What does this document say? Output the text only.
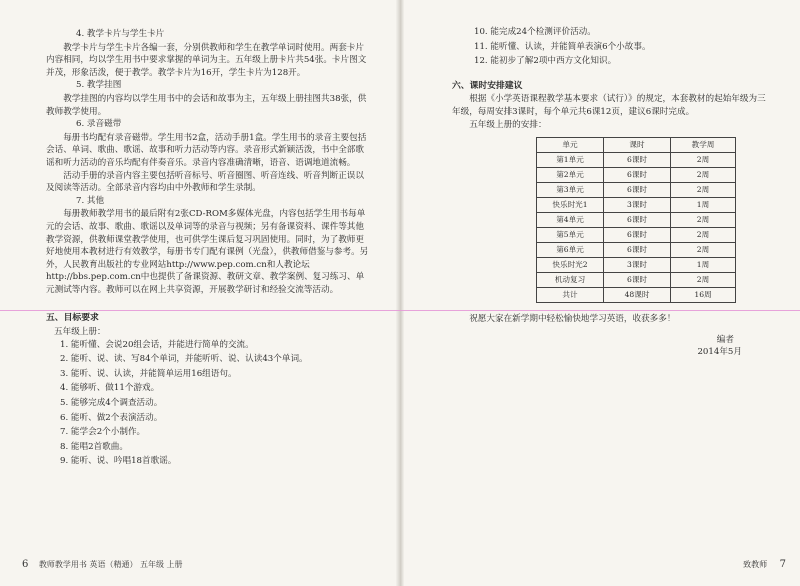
4. 教学卡片与学生卡片

教学卡片与学生卡片各编一套，分别供教师和学生在教学单词时使用。两套卡片内容相同，均以学生用书中要求掌握的单词为主。五年级上册卡片共54张。卡片图文并茂，形象活泼，便于教学。教学卡片为16开，学生卡片为128开。

5. 教学挂图

教学挂图的内容均以学生用书中的会话和故事为主，五年级上册挂图共38张，供教师教学使用。

6. 录音磁带

每册书均配有录音磁带。学生用书2盒，活动手册1盒。学生用书的录音主要包括会话、单词、歌曲、歌谣、故事和听力活动等内容。录音形式新颖活泼，书中全部歌谣和听力活动的音乐均配有伴奏音乐。录音内容准确清晰，语音、语调地道流畅。

活动手册的录音内容主要包括听音标号、听音圈图、听音连线、听音判断正误以及阅读等活动。全部录音内容均由中外教师和学生录制。

7. 其他

每册教师教学用书的最后附有2张CD-ROM多媒体光盘，内容包括学生用书每单元的会话、故事、歌曲、歌谣以及单词等的录音与视频；另有备课资料、课件等其他教学资源，供教师课堂教学使用，也可供学生课后复习巩固使用。同时，为了教师更好地使用本教材进行有效教学，每册书专门配有课例（光盘），供教师借鉴与参考。另外，人民教育出版社的专业网站http://www.pep.com.cn和人教论坛http://bbs.pep.com.cn中也提供了备课资源、教研文章、教学案例、复习练习、单元测试等内容。教师可以在网上共享资源，开展教学研讨和经验交流等活动。

五、目标要求
五年级上册：
1. 能听懂、会说20组会话，并能进行简单的交流。
2. 能听、说、读、写84个单词，并能听听、说、认读43个单词。
3. 能听、说、认读，并能简单运用16组语句。
4. 能够听、做11个游戏。
5. 能够完成4个调查活动。
6. 能听、做2个表演活动。
7. 能学会2个小制作。
8. 能唱2首歌曲。
9. 能听、说、吟唱18首歌谣。
6 教师教学用书 英语（精通） 五年级 上册
10. 能完成24个检测评价活动。
11. 能听懂、认读，并能简单表演6个小故事。
12. 能初步了解2项中西方文化知识。
六、课时安排建议

根据《小学英语课程教学基本要求（试行）》的规定，本套教材的起始年级为三年级，每周安排3课时，每个单元共6课12页，建议6课时完成。

五年级上册的安排：

单元	课时	教学周
第1单元	6课时	2周
第2单元	6课时	2周
第3单元	6课时	2周
快乐时光1	3课时	1周
第4单元	6课时	2周
第5单元	6课时	2周
第6单元	6课时	2周
快乐时光2	3课时	1周
机动复习	6课时	2周
共计	48课时	16周

祝愿大家在新学期中轻松愉快地学习英语，收获多多！

编者
2014年5月
致教师 7
